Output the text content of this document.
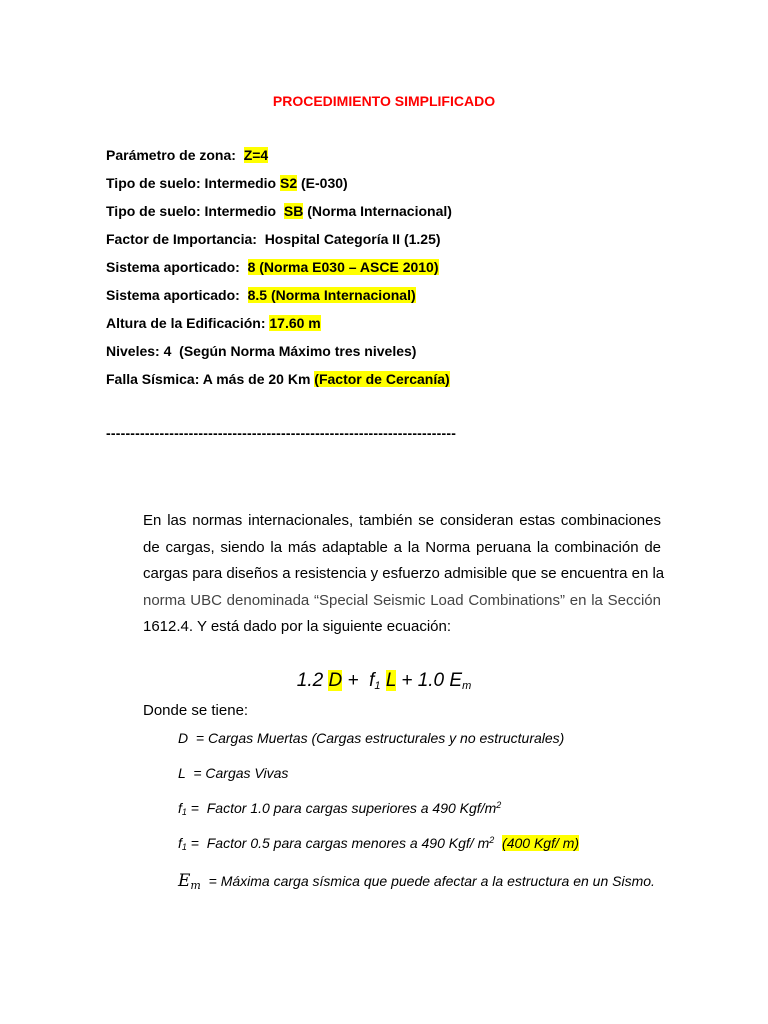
PROCEDIMIENTO SIMPLIFICADO
Parámetro de zona:  Z=4
Tipo de suelo: Intermedio S2 (E-030)
Tipo de suelo: Intermedio  SB (Norma Internacional)
Factor de Importancia:  Hospital Categoría II (1.25)
Sistema aporticado:  8 (Norma E030 – ASCE 2010)
Sistema aporticado:  8.5 (Norma Internacional)
Altura de la Edificación: 17.60 m
Niveles: 4  (Según Norma Máximo tres niveles)
Falla Sísmica: A más de 20 Km (Factor de Cercanía)
------------------------------------------------------------------------
En las normas internacionales, también se consideran estas combinaciones
de cargas, siendo la más adaptable a la Norma peruana la combinación de
cargas para diseños a resistencia y esfuerzo admisible que se encuentra en la
norma UBC denominada “Special Seismic Load Combinations” en la Sección
1612.4. Y está dado por la siguiente ecuación:
1.2 $D + f_1$ L + 1.0 $E_m$
Donde se tiene:
D  = Cargas Muertas (Cargas estructurales y no estructurales)
L  = Cargas Vivas
$f_1$ =  Factor 1.0 para cargas superiores a 490 Kgf/$m^2$
$f_1$ =  Factor 0.5 para cargas menores a 490 Kgf/ $m^2$ (400 Kgf/ m)
$E_m$  = Máxima carga sísmica que puede afectar a la estructura en un Sismo.
